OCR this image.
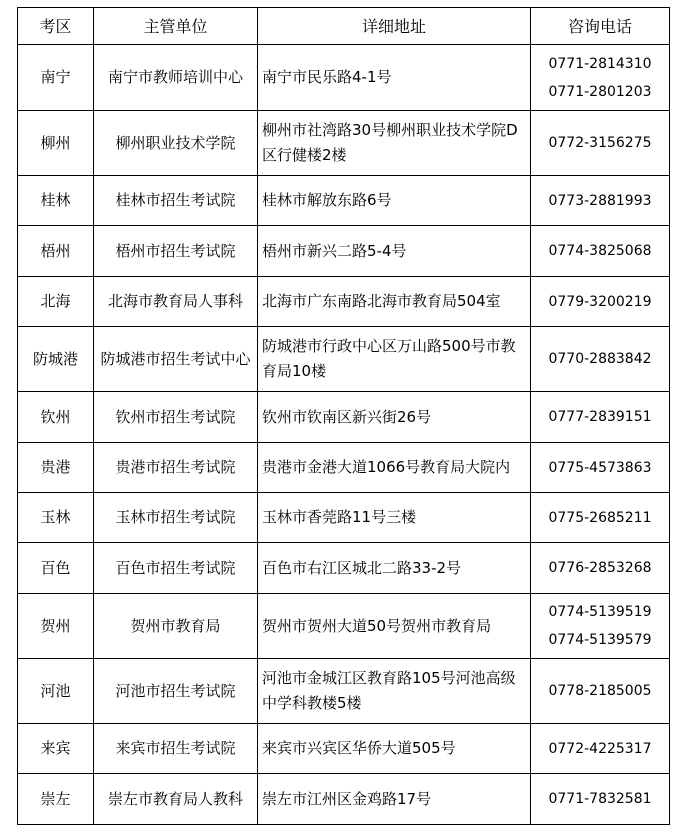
考区	主管单位	详细地址	咨询电话
南宁	南宁市教师培训中心	南宁市民乐路4-1号	0771-2814310
0771-2801203

柳州	柳州职业技术学院	柳州市社湾路30号柳州职业技术学院D区行健楼2楼	0772-3156275

桂林	桂林市招生考试院	桂林市解放东路6号	0773-2881993

梧州	梧州市招生考试院	梧州市新兴二路5-4号	0774-3825068

北海	北海市教育局人事科	北海市广东南路北海市教育局504室	0779-3200219

防城港	防城港市招生考试中心	防城港市行政中心区万山路500号市教育局10楼	0770-2883842

钦州	钦州市招生考试院	钦州市钦南区新兴街26号	0777-2839151

贵港	贵港市招生考试院	贵港市金港大道1066号教育局大院内	0775-4573863

玉林	玉林市招生考试院	玉林市香莞路11号三楼	0775-2685211

百色	百色市招生考试院	百色市右江区城北二路33-2号	0776-2853268

贺州	贺州市教育局	贺州市贺州大道50号贺州市教育局	0774-5139519
0774-5139579

河池	河池市招生考试院	河池市金城江区教育路105号河池高级中学科教楼5楼	0778-2185005

来宾	来宾市招生考试院	来宾市兴宾区华侨大道505号	0772-4225317

崇左	崇左市教育局人教科	崇左市江州区金鸡路17号	0771-7832581
